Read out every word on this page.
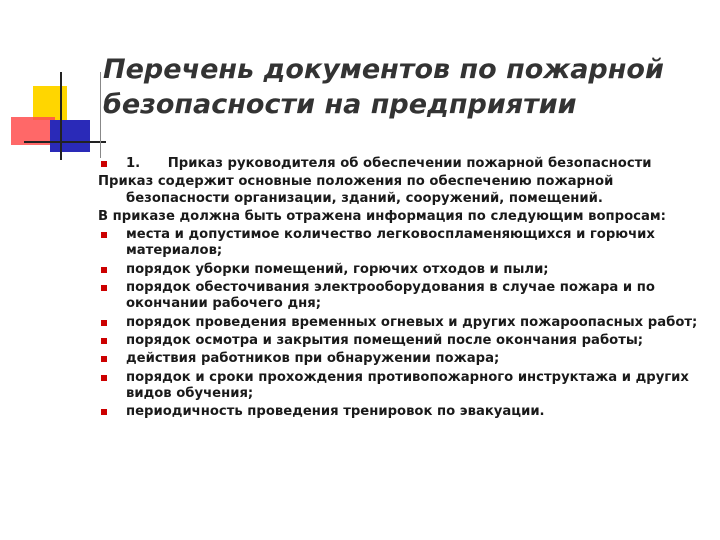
Перечень документов по пожарной
безопасности на предприятии
1.      Приказ руководителя об обеспечении пожарной безопасности
Приказ содержит основные положения по обеспечению пожарной безопасности организации, зданий, сооружений, помещений.
В приказе должна быть отражена информация по следующим вопросам:
места и допустимое количество легковоспламеняющихся и горючих материалов;
порядок уборки помещений, горючих отходов и пыли;
порядок обесточивания электрооборудования в случае пожара и по окончании рабочего дня;
порядок проведения временных огневых и других пожароопасных работ;
порядок осмотра и закрытия помещений после окончания работы;
действия работников при обнаружении пожара;
порядок и сроки прохождения противопожарного инструктажа и других видов обучения;
периодичность проведения тренировок по эвакуации.
